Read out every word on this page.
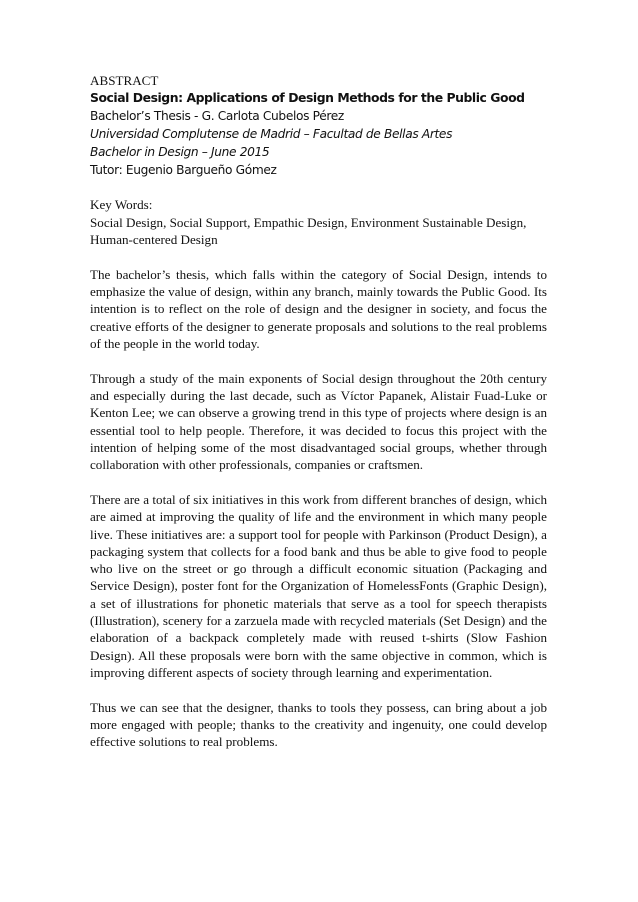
ABSTRACT
Social Design: Applications of Design Methods for the Public Good
Bachelor’s Thesis - G. Carlota Cubelos Pérez
Universidad Complutense de Madrid – Facultad de Bellas Artes
Bachelor in Design – June 2015
Tutor: Eugenio Bargueño Gómez
Key Words:

Social Design, Social Support, Empathic Design, Environment Sustainable Design, Human-centered Design

The bachelor’s thesis, which falls within the category of Social Design, intends to emphasize the value of design, within any branch, mainly towards the Public Good. Its intention is to reflect on the role of design and the designer in society, and focus the creative efforts of the designer to generate proposals and solutions to the real problems of the people in the world today.

Through a study of the main exponents of Social design throughout the 20th century and especially during the last decade, such as Víctor Papanek, Alistair Fuad-Luke or Kenton Lee; we can observe a growing trend in this type of projects where design is an essential tool to help people. Therefore, it was decided to focus this project with the intention of helping some of the most disadvantaged social groups, whether through collaboration with other professionals, companies or craftsmen.

There are a total of six initiatives in this work from different branches of design, which are aimed at improving the quality of life and the environment in which many people live. These initiatives are: a support tool for people with Parkinson (Product Design), a packaging system that collects for a food bank and thus be able to give food to people who live on the street or go through a difficult economic situation (Packaging and Service Design), poster font for the Organization of HomelessFonts (Graphic Design), a set of illustrations for phonetic materials that serve as a tool for speech therapists (Illustration), scenery for a zarzuela made with recycled materials (Set Design) and the elaboration of a backpack completely made with reused t-shirts (Slow Fashion Design). All these proposals were born with the same objective in common, which is improving different aspects of society through learning and experimentation.

Thus we can see that the designer, thanks to tools they possess, can bring about a job more engaged with people; thanks to the creativity and ingenuity, one could develop effective solutions to real problems.
